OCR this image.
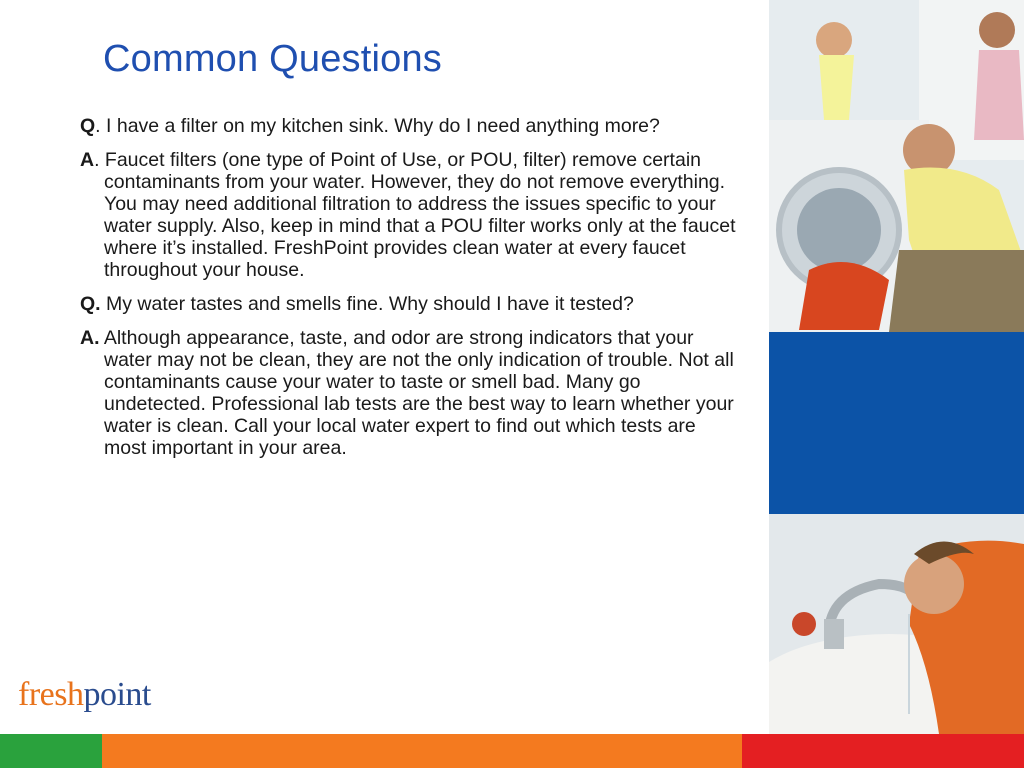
Common Questions

Q. I have a filter on my kitchen sink. Why do I need anything more?

A. Faucet filters (one type of Point of Use, or POU, filter) remove certain contaminants from your water. However, they do not remove everything. You may need additional filtration to address the issues specific to your water supply. Also, keep in mind that a POU filter works only at the faucet where it’s installed. FreshPoint provides clean water at every faucet throughout your house.

Q. My water tastes and smells fine. Why should I have it tested?

A. Although appearance, taste, and odor are strong indicators that your water may not be clean, they are not the only indication of trouble. Not all contaminants cause your water to taste or smell bad. Many go undetected. Professional lab tests are the best way to learn whether your water is clean. Call your local water expert to find out which tests are most important in your area.

freshpoint
